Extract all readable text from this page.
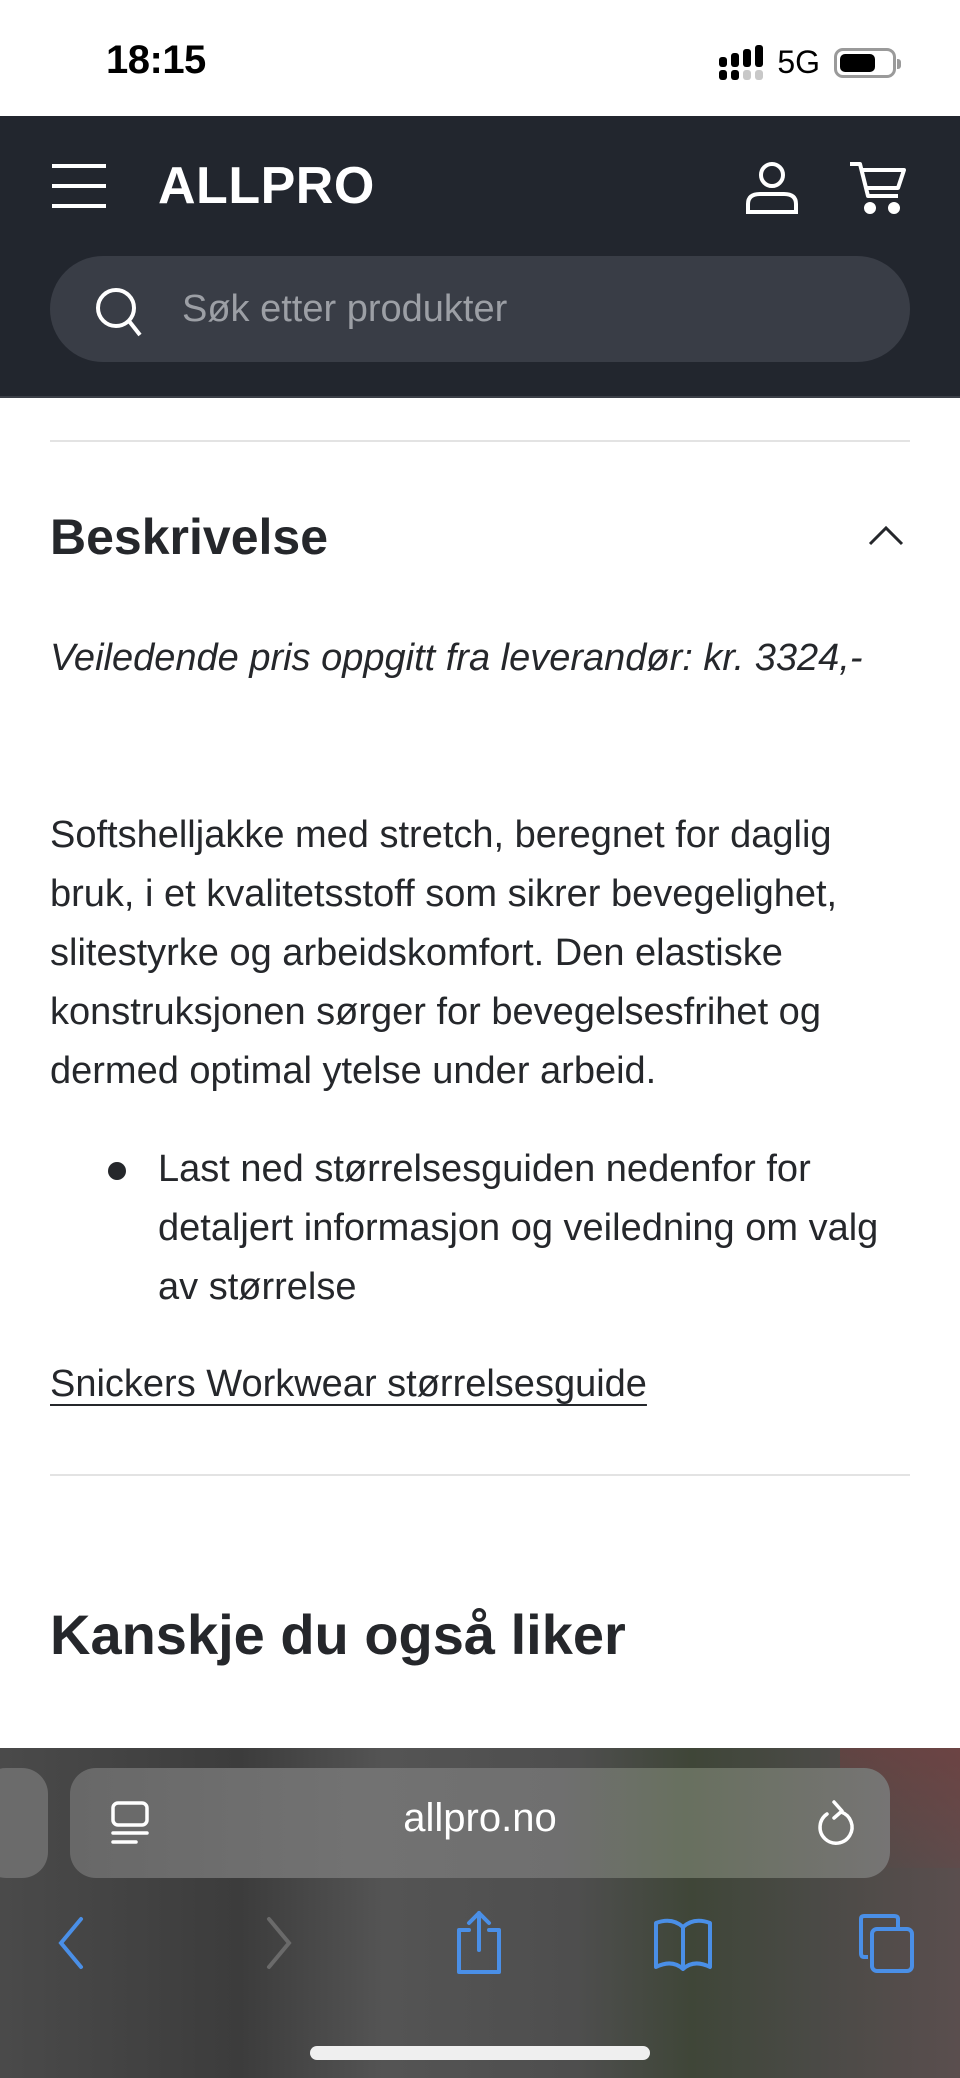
18:15	5G
ALLPRO
Søk etter produkter
Beskrivelse

Veiledende pris oppgitt fra leverandør: kr. 3324,-

Softshelljakke med stretch, beregnet for daglig bruk, i et kvalitetsstoff som sikrer bevegelighet, slitestyrke og arbeidskomfort. Den elastiske konstruksjonen sørger for bevegelsesfrihet og dermed optimal ytelse under arbeid.

Last ned størrelsesguiden nedenfor for detaljert informasjon og veiledning om valg av størrelse
Snickers Workwear størrelsesguide
Kanskje du også liker
allpro.no
